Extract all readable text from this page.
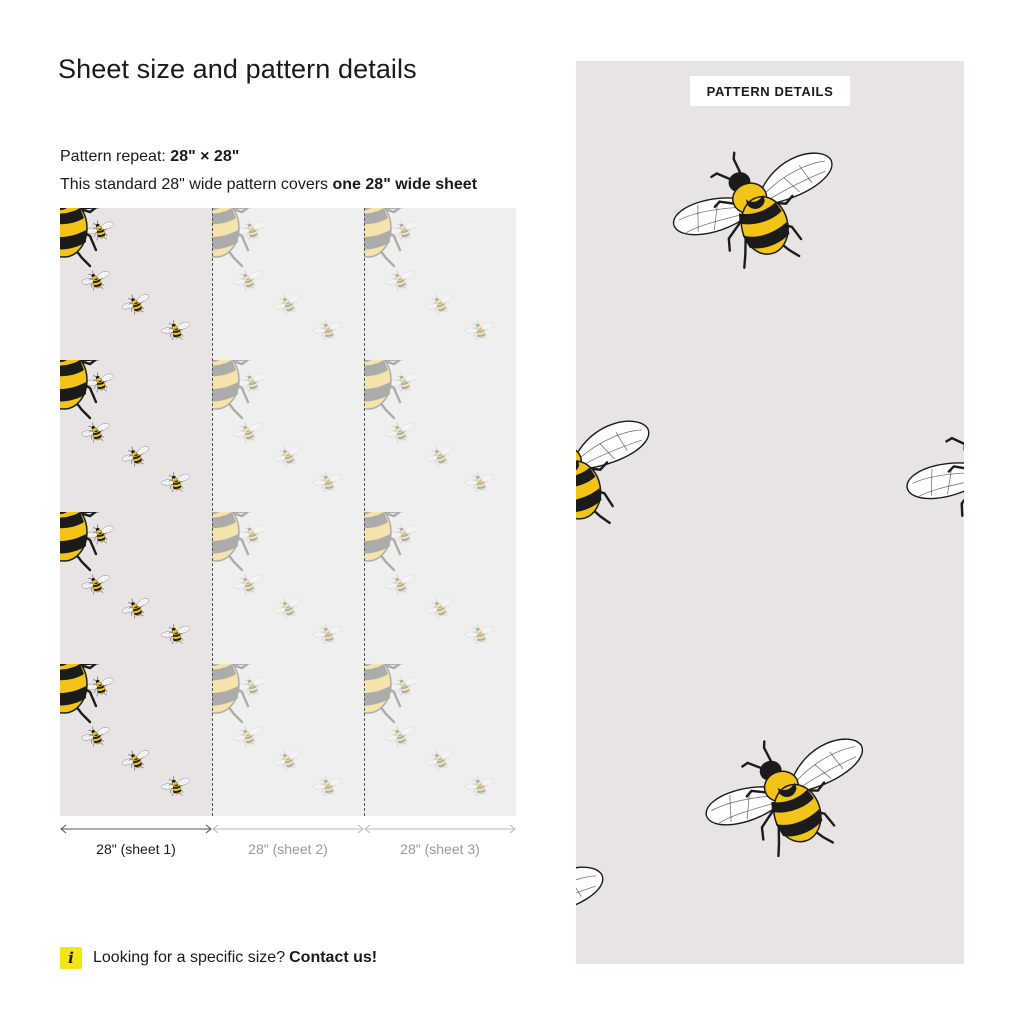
Sheet size and pattern details
Pattern repeat: 28" × 28"
This standard 28" wide pattern covers one 28" wide sheet
28" (sheet 1)	28" (sheet 2)	28" (sheet 3)
i	Looking for a specific size? Contact us!
PATTERN DETAILS
